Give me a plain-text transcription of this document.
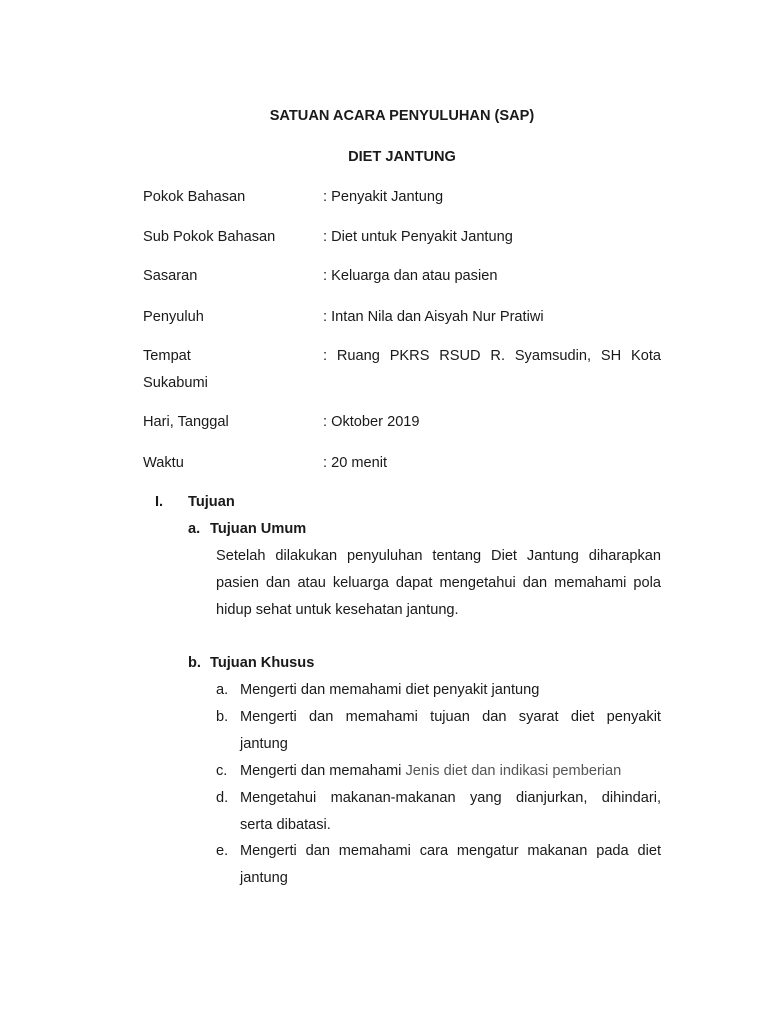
SATUAN ACARA PENYULUHAN (SAP)
DIET JANTUNG
Pokok Bahasan	: Penyakit Jantung
Sub Pokok Bahasan	: Diet untuk Penyakit Jantung
Sasaran	: Keluarga dan atau pasien
Penyuluh	: Intan Nila dan Aisyah Nur Pratiwi
Tempat	: Ruang PKRS RSUD R. Syamsudin, SH Kota
Sukabumi
Hari, Tanggal	: Oktober 2019
Waktu	: 20 menit
I. Tujuan
a. Tujuan Umum
Setelah dilakukan penyuluhan tentang Diet Jantung diharapkan
pasien dan atau keluarga dapat mengetahui dan memahami pola
hidup sehat untuk kesehatan jantung.
b. Tujuan Khusus
a. Mengerti dan memahami diet penyakit jantung
b. Mengerti dan memahami tujuan dan syarat diet penyakit
jantung
c. Mengerti dan memahami Jenis diet dan indikasi pemberian
d. Mengetahui makanan-makanan yang dianjurkan, dihindari,
serta dibatasi.
e. Mengerti dan memahami cara mengatur makanan pada diet
jantung
